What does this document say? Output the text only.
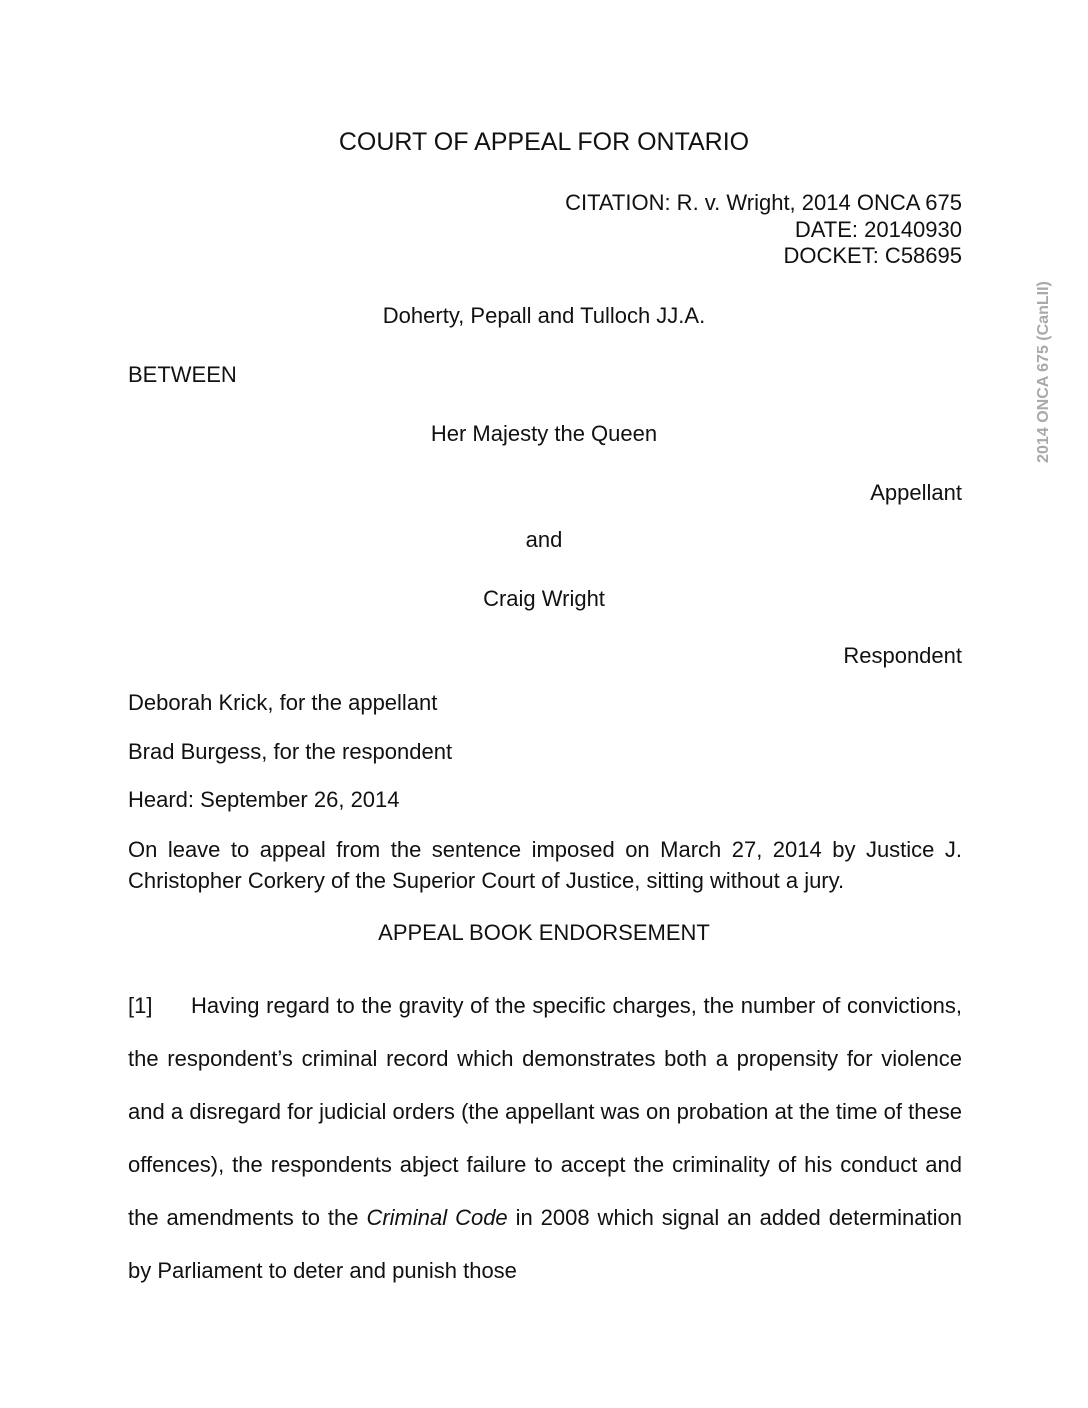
COURT OF APPEAL FOR ONTARIO
CITATION: R. v. Wright, 2014 ONCA 675
DATE: 20140930
DOCKET: C58695
2014 ONCA 675 (CanLII)
Doherty, Pepall and Tulloch JJ.A.
BETWEEN
Her Majesty the Queen
Appellant
and
Craig Wright
Respondent
Deborah Krick, for the appellant
Brad Burgess, for the respondent
Heard: September 26, 2014

On leave to appeal from the sentence imposed on March 27, 2014 by Justice J. Christopher Corkery of the Superior Court of Justice, sitting without a jury.

APPEAL BOOK ENDORSEMENT

[1] Having regard to the gravity of the specific charges, the number of convictions, the respondent’s criminal record which demonstrates both a propensity for violence and a disregard for judicial orders (the appellant was on probation at the time of these offences), the respondents abject failure to accept the criminality of his conduct and the amendments to the Criminal Code in 2008 which signal an added determination by Parliament to deter and punish those
